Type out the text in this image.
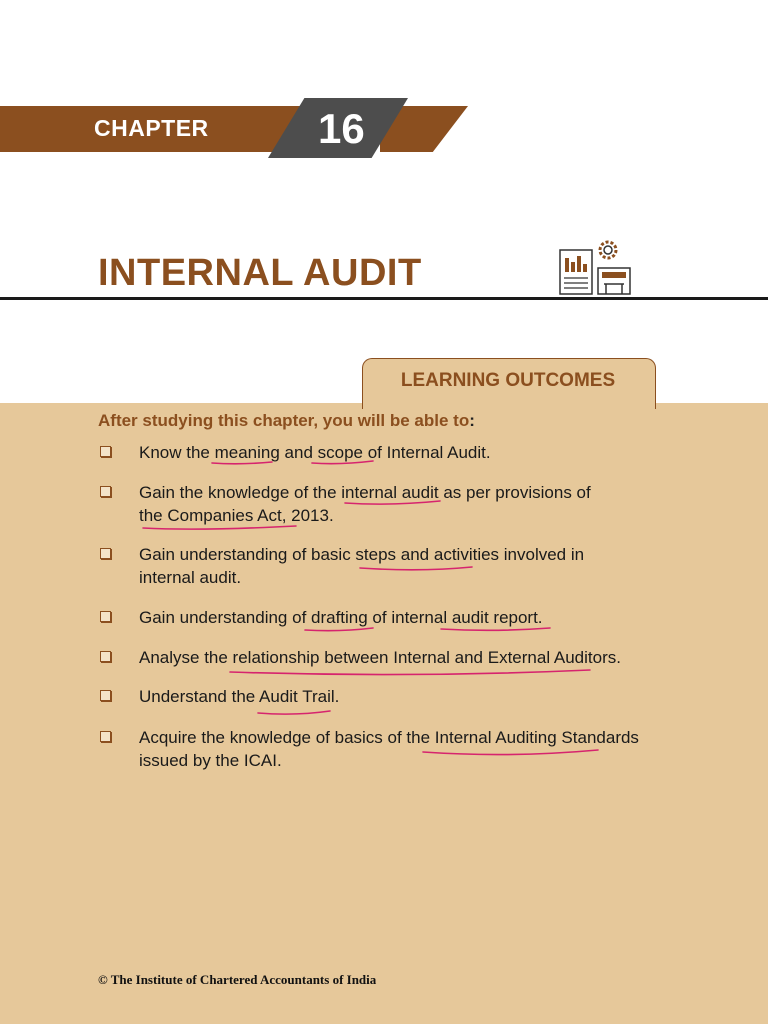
CHAPTER	16
INTERNAL AUDIT
LEARNING OUTCOMES
After studying this chapter, you will be able to:
Know the meaning and scope of Internal Audit.
Gain the knowledge of the internal audit as per provisions of the Companies Act, 2013.
Gain understanding of basic steps and activities involved in internal audit.
Gain understanding of drafting of internal audit report.
Analyse the relationship between Internal and External Auditors.
Understand the Audit Trail.
Acquire the knowledge of basics of the Internal Auditing Standards issued by the ICAI.
© The Institute of Chartered Accountants of India
